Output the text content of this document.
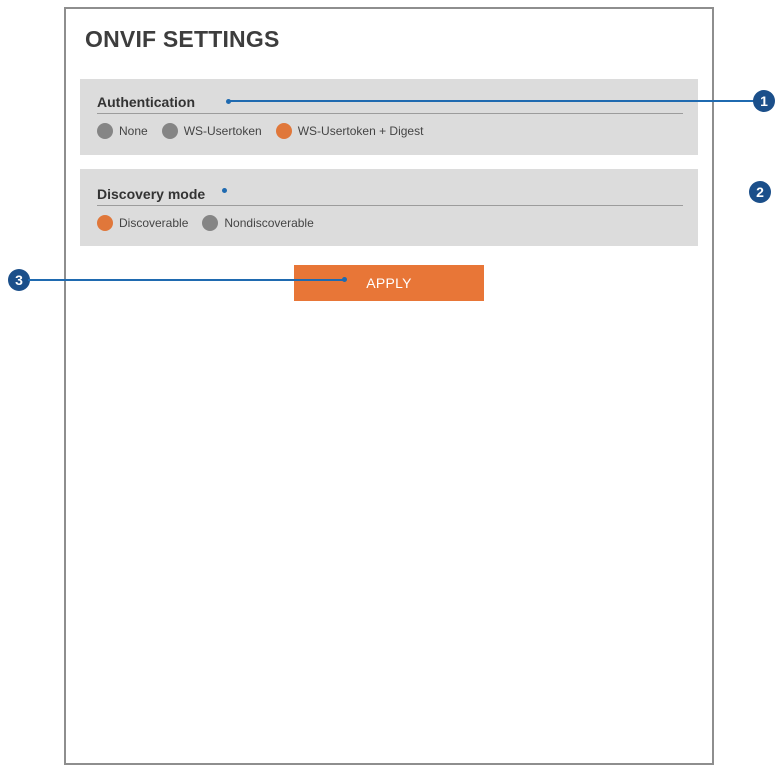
ONVIF SETTINGS
Authentication
None	WS-Usertoken	WS-Usertoken + Digest
Discovery mode
Discoverable	Nondiscoverable
APPLY
1
2
3
